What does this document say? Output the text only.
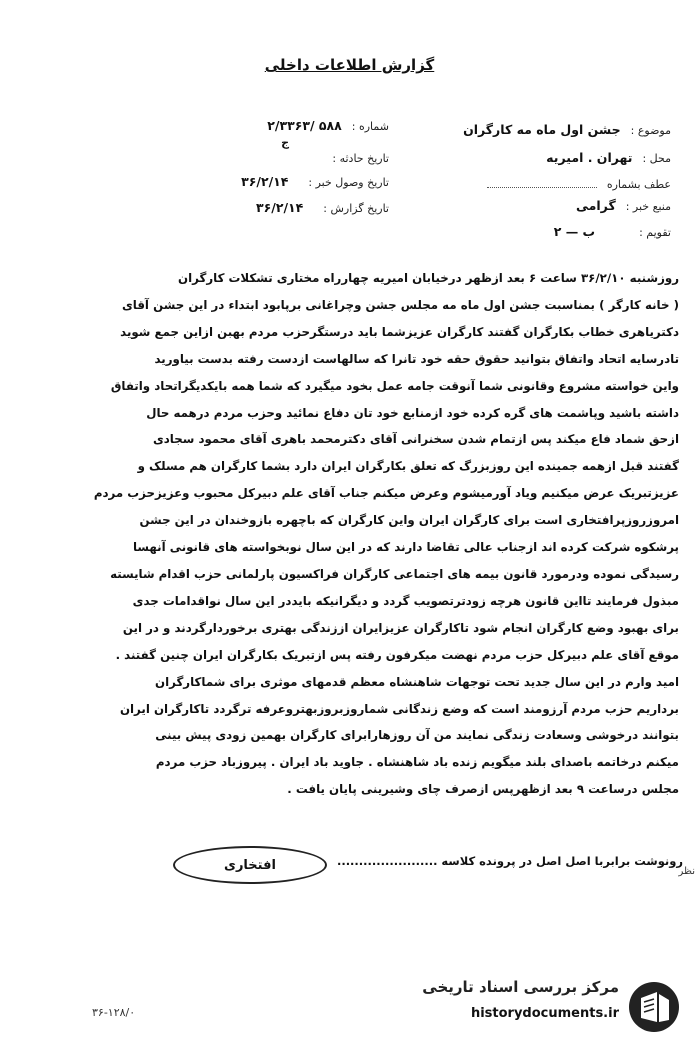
گزارش اطلاعات داخلی
موضوع : جشن اول ماه مه کارگران
محل : تهران . امیریه
عطف بشماره
منبع خبر : گرامی
تقویم : ب — ۲
شماره : ۵۸۸ /۲/۳۳۶۳
ج
تاریخ حادثه :
تاریخ وصول خبر : ۳۶/۲/۱۴
تاریخ گزارش : ۳۶/۲/۱۴

روزشنبه ۳۶/۲/۱۰ ساعت ۶ بعد ازظهر درخیابان امیریه چهارراه مختاری تشکلات کارگران

( خانه کارگر ) بمناسبت جشن اول ماه مه مجلس جشن وچراغانی برپابود ابتداء در این جشن آقای

دکتریاهری خطاب بکارگران گفتند کارگران عزیزشما باید درستگرحزب مردم بهبن ازاین جمع شوید

تادرسایه اتحاد واتفاق بتوانید حقوق حقه خود تانرا که سالهاست ازدست رفته بدست بیاورید

واین خواسته مشروع وقانونی شما آنوقت جامه عمل بخود میگیرد که شما همه بایکدیگراتحاد واتفاق

داشته باشید وپاشمت های گره کرده خود ازمنابع خود تان دفاع نمائید وحزب مردم درهمه حال

ازحق شماد فاع میکند پس ازتمام شدن سخنرانی آقای دکترمحمد باهری آقای محمود سجادی

گفتند قبل ازهمه جمینده این روزبزرگ که تعلق بکارگران ایران دارد بشما کارگران هم مسلک و

عزیزتبریک عرض میکنیم ویاد آورمیشوم وعرض میکنم جناب آقای علم دبیرکل محبوب وعزیزحزب مردم

امروزروزپرافتخاری است برای کارگران ایران واین کارگران که باچهره بازوخندان در این جشن

پرشکوه شرکت کرده اند ازجناب عالی تقاضا دارند که در این سال نوبخواسته های قانونی آنهسا

رسیدگی نموده ودرمورد قانون بیمه های اجتماعی کارگران فراکسیون پارلمانی حزب اقدام شایسته

مبذول فرمایند تااین قانون هرچه زودترتصویب گردد و دیگرانیکه بایددر این سال نواقدامات جدی

برای بهبود وضع کارگران انجام شود تاکارگران عزیزایران اززندگی بهتری برخوردارگردند و در این

موقع آقای علم دبیرکل حزب مردم نهضت میکرفون رفته پس ازتبریک بکارگران ایران چنین گفتند .

امید وارم در این سال جدید تحت توجهات شاهنشاه معظم قدمهای موثری برای شماکارگران

برداریم حزب مردم آرزومند است که وضع زندگانی شماروزبروزبهتروعرفه ترگردد تاکارگران ایران

بتوانند درخوشی وسعادت زندگی نمایند من آن روزهارابرای کارگران بهمین زودی پیش بینی

میکنم درخاتمه باصدای بلند میگویم زنده باد شاهنشاه . جاوید باد ایران . پیروزباد حزب مردم

مجلس درساعت ۹ بعد ازظهرپس ازصرف چای وشیرینی پایان یافت .

رونوشت برابربا اصل اصل در پرونده کلاسه .......................
افتخاری	نظر
۳۶-۱۲۸/۰
مرکز بررسی اسناد تاریخی
historydocuments.ir
